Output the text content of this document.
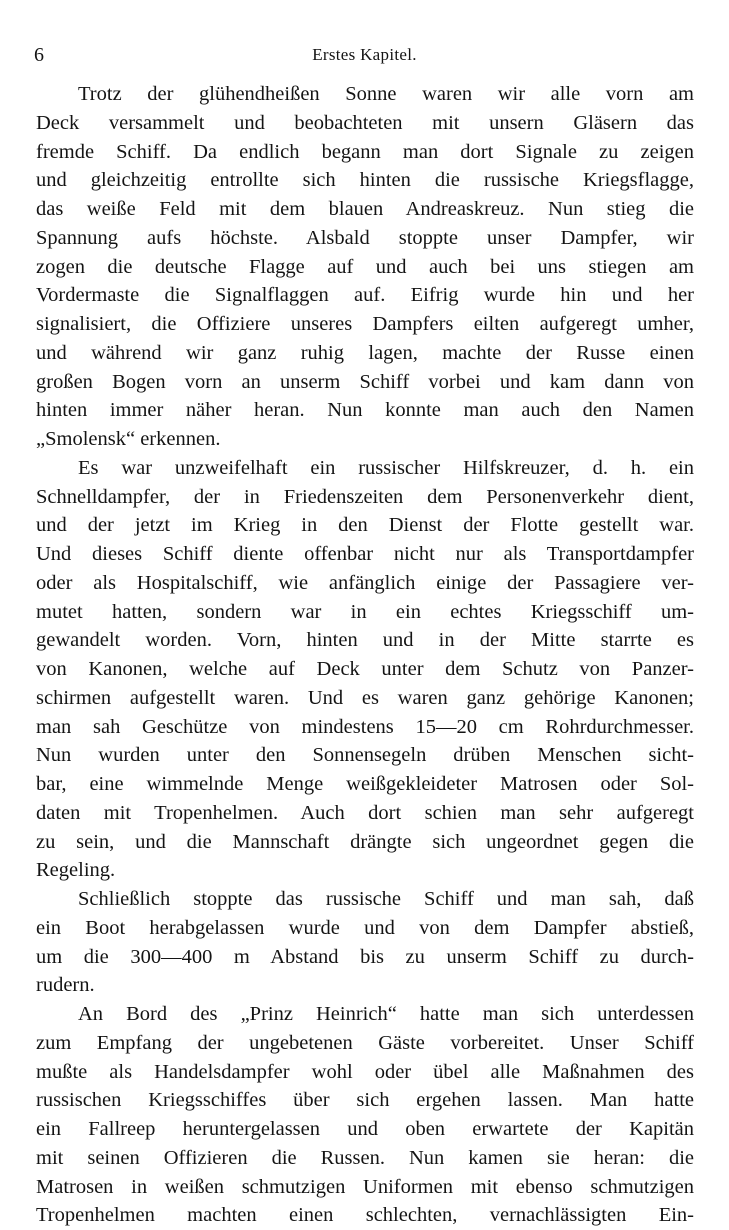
6	Erstes Kapitel.
Trotz der glühendheißen Sonne waren wir alle vorn am
Deck versammelt und beobachteten mit unsern Gläsern das
fremde Schiff. Da endlich begann man dort Signale zu zeigen
und gleichzeitig entrollte sich hinten die russische Kriegsflagge,
das weiße Feld mit dem blauen Andreaskreuz. Nun stieg die
Spannung aufs höchste. Alsbald stoppte unser Dampfer, wir
zogen die deutsche Flagge auf und auch bei uns stiegen am
Vordermaste die Signalflaggen auf. Eifrig wurde hin und her
signalisiert, die Offiziere unseres Dampfers eilten aufgeregt umher,
und während wir ganz ruhig lagen, machte der Russe einen
großen Bogen vorn an unserm Schiff vorbei und kam dann von
hinten immer näher heran. Nun konnte man auch den Namen
„Smolensk“ erkennen.
Es war unzweifelhaft ein russischer Hilfskreuzer, d. h. ein
Schnelldampfer, der in Friedenszeiten dem Personenverkehr dient,
und der jetzt im Krieg in den Dienst der Flotte gestellt war.
Und dieses Schiff diente offenbar nicht nur als Transportdampfer
oder als Hospitalschiff, wie anfänglich einige der Passagiere ver-
mutet hatten, sondern war in ein echtes Kriegsschiff um-
gewandelt worden. Vorn, hinten und in der Mitte starrte es
von Kanonen, welche auf Deck unter dem Schutz von Panzer-
schirmen aufgestellt waren. Und es waren ganz gehörige Kanonen;
man sah Geschütze von mindestens 15—20 cm Rohrdurchmesser.
Nun wurden unter den Sonnensegeln drüben Menschen sicht-
bar, eine wimmelnde Menge weißgekleideter Matrosen oder Sol-
daten mit Tropenhelmen. Auch dort schien man sehr aufgeregt
zu sein, und die Mannschaft drängte sich ungeordnet gegen die
Regeling.
Schließlich stoppte das russische Schiff und man sah, daß
ein Boot herabgelassen wurde und von dem Dampfer abstieß,
um die 300—400 m Abstand bis zu unserm Schiff zu durch-
rudern.
An Bord des „Prinz Heinrich“ hatte man sich unterdessen
zum Empfang der ungebetenen Gäste vorbereitet. Unser Schiff
mußte als Handelsdampfer wohl oder übel alle Maßnahmen des
russischen Kriegsschiffes über sich ergehen lassen. Man hatte
ein Fallreep heruntergelassen und oben erwartete der Kapitän
mit seinen Offizieren die Russen. Nun kamen sie heran: die
Matrosen in weißen schmutzigen Uniformen mit ebenso schmutzigen
Tropenhelmen machten einen schlechten, vernachlässigten Ein-
